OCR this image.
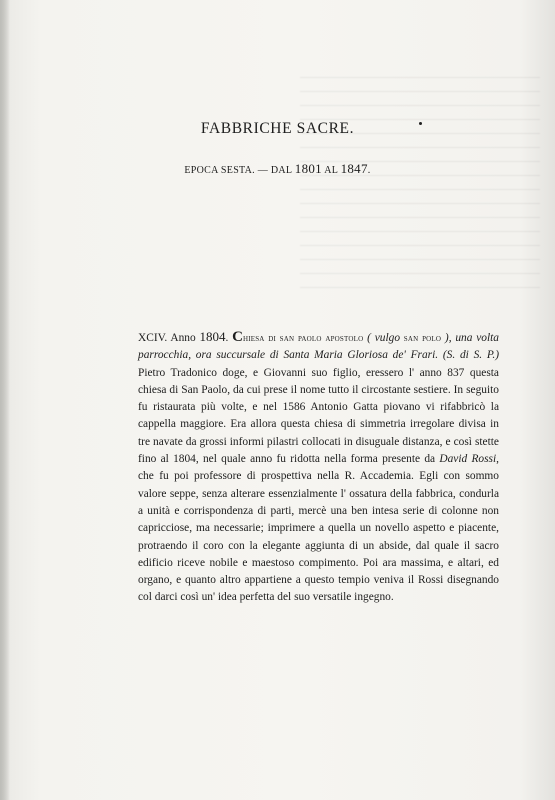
FABBRICHE SACRE.
EPOCA SESTA. — DAL 1801 AL 1847.

XCIV. Anno 1804. Chiesa di san paolo apostolo ( vulgo san polo ), una volta parrocchia, ora succursale di Santa Maria Gloriosa de' Frari. (S. di S. P.) Pietro Tradonico doge, e Giovanni suo figlio, eressero l' anno 837 questa chiesa di San Paolo, da cui prese il nome tutto il circostante sestiere. In seguito fu ristaurata più volte, e nel 1586 Antonio Gatta piovano vi rifabbricò la cappella maggiore. Era allora questa chiesa di simmetria irregolare divisa in tre navate da grossi informi pilastri collocati in disuguale distanza, e così stette fino al 1804, nel quale anno fu ridotta nella forma presente da David Rossi, che fu poi professore di prospettiva nella R. Accademia. Egli con sommo valore seppe, senza alterare essenzialmente l' ossatura della fabbrica, condurla a unità e corrispondenza di parti, mercè una ben intesa serie di colonne non capricciose, ma necessarie; imprimere a quella un novello aspetto e piacente, protraendo il coro con la elegante aggiunta di un abside, dal quale il sacro edificio riceve nobile e maestoso compimento. Poi ara massima, e altari, ed organo, e quanto altro appartiene a questo tempio veniva il Rossi disegnando col darci così un' idea perfetta del suo versatile ingegno.
